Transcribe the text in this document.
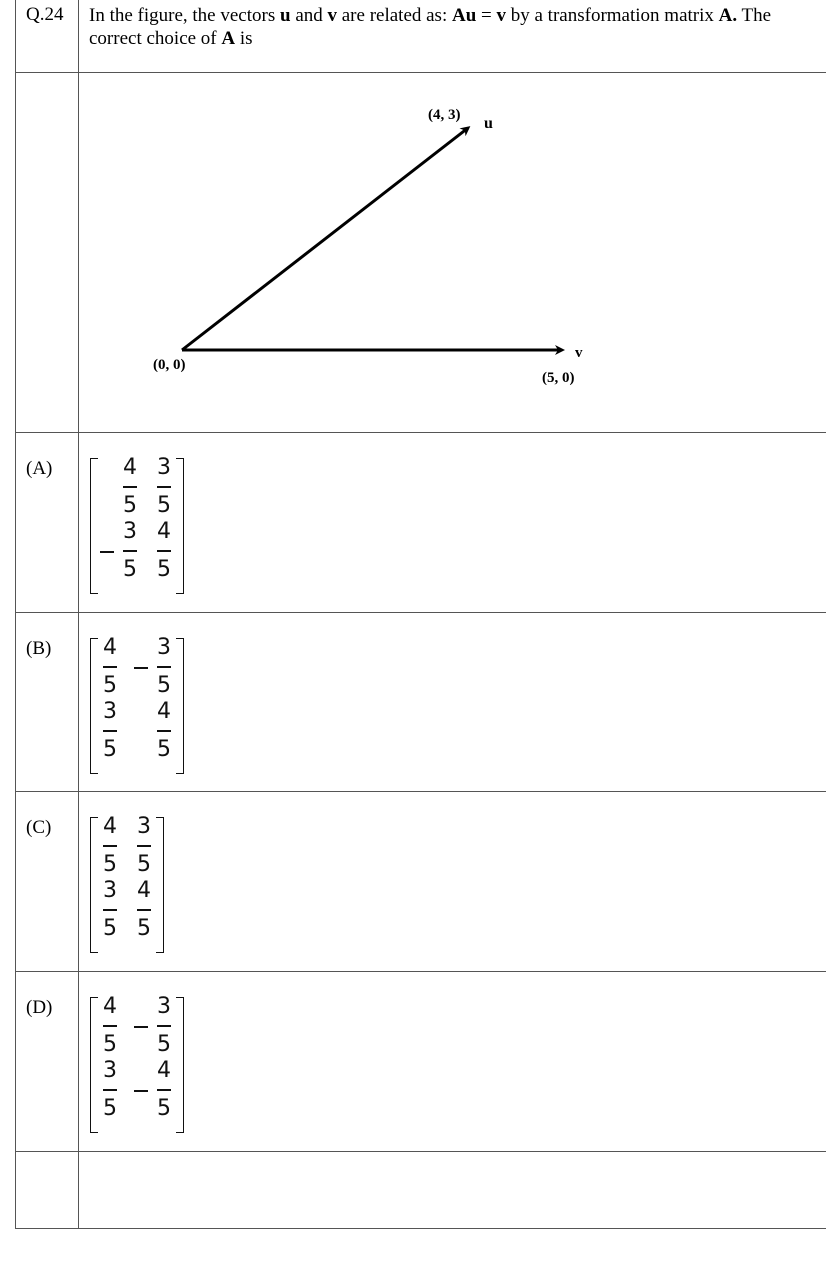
Q.24 In the figure, the vectors u and v are related as: Au = v by a transformation matrix A. The correct choice of A is
(4, 3) u
(0, 0)
v
(5, 0)
(A)	4
5
3
5
3
5
4
5
(B) 4
5
3
5
3
5
4
5
(C) 4
5
3
5
3
5
4
5
(D) 4
5
3
5
3
5
4
5
